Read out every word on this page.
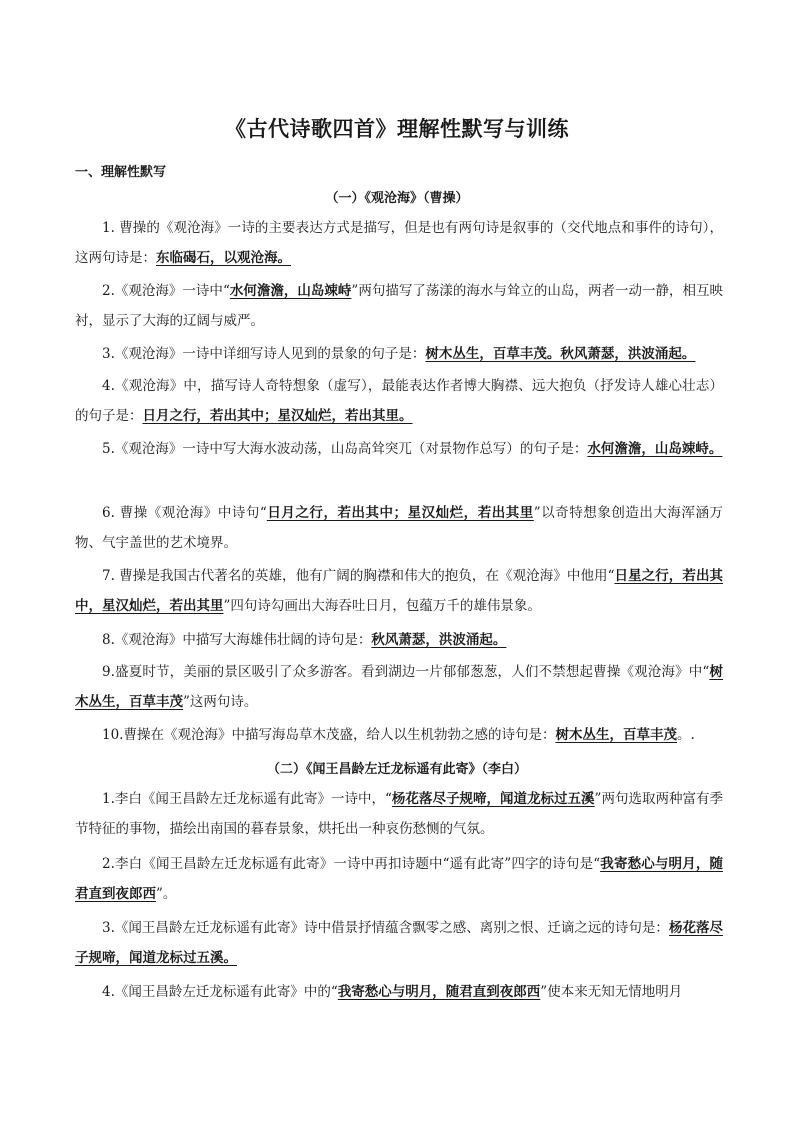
《古代诗歌四首》理解性默写与训练
一、理解性默写
（一）《观沧海》（曹操）
1. 曹操的《观沧海》一诗的主要表达方式是描写，但是也有两句诗是叙事的（交代地点和事件的诗句），这两句诗是：东临碣石，以观沧海。
2.《观沧海》一诗中“水何澹澹，山岛竦峙”两句描写了荡漾的海水与耸立的山岛，两者一动一静，相互映衬，显示了大海的辽阔与威严。
3.《观沧海》一诗中详细写诗人见到的景象的句子是：树木丛生，百草丰茂。秋风萧瑟，洪波涌起。
4.《观沧海》中，描写诗人奇特想象（虚写），最能表达作者博大胸襟、远大抱负（抒发诗人雄心壮志）的句子是：日月之行，若出其中；星汉灿烂，若出其里。
5.《观沧海》一诗中写大海水波动荡，山岛高耸突兀（对景物作总写）的句子是：水何澹澹，山岛竦峙。
6. 曹操《观沧海》中诗句“日月之行，若出其中；星汉灿烂，若出其里”以奇特想象创造出大海浑涵万物、气宇盖世的艺术境界。
7. 曹操是我国古代著名的英雄，他有广阔的胸襟和伟大的抱负，在《观沧海》中他用“日星之行，若出其中，星汉灿烂，若出其里”四句诗勾画出大海吞吐日月，包蕴万千的雄伟景象。
8.《观沧海》中描写大海雄伟壮阔的诗句是：秋风萧瑟，洪波涌起。
9.盛夏时节，美丽的景区吸引了众多游客。看到湖边一片郁郁葱葱，人们不禁想起曹操《观沧海》中“树木丛生，百草丰茂”这两句诗。
10.曹操在《观沧海》中描写海岛草木茂盛，给人以生机勃勃之感的诗句是：树木丛生，百草丰茂。.
（二）《闻王昌龄左迁龙标遥有此寄》（李白）
1.李白《闻王昌龄左迁龙标遥有此寄》一诗中，“杨花落尽子规啼，闻道龙标过五溪”两句选取两种富有季节特征的事物，描绘出南国的暮春景象，烘托出一种哀伤愁恻的气氛。
2.李白《闻王昌龄左迁龙标遥有此寄》一诗中再扣诗题中“遥有此寄”四字的诗句是“我寄愁心与明月，随君直到夜郎西”。
3.《闻王昌龄左迁龙标遥有此寄》诗中借景抒情蕴含飘零之感、离别之恨、迁谪之远的诗句是：杨花落尽子规啼，闻道龙标过五溪。
4.《闻王昌龄左迁龙标遥有此寄》中的“我寄愁心与明月，随君直到夜郎西”使本来无知无情地明月
